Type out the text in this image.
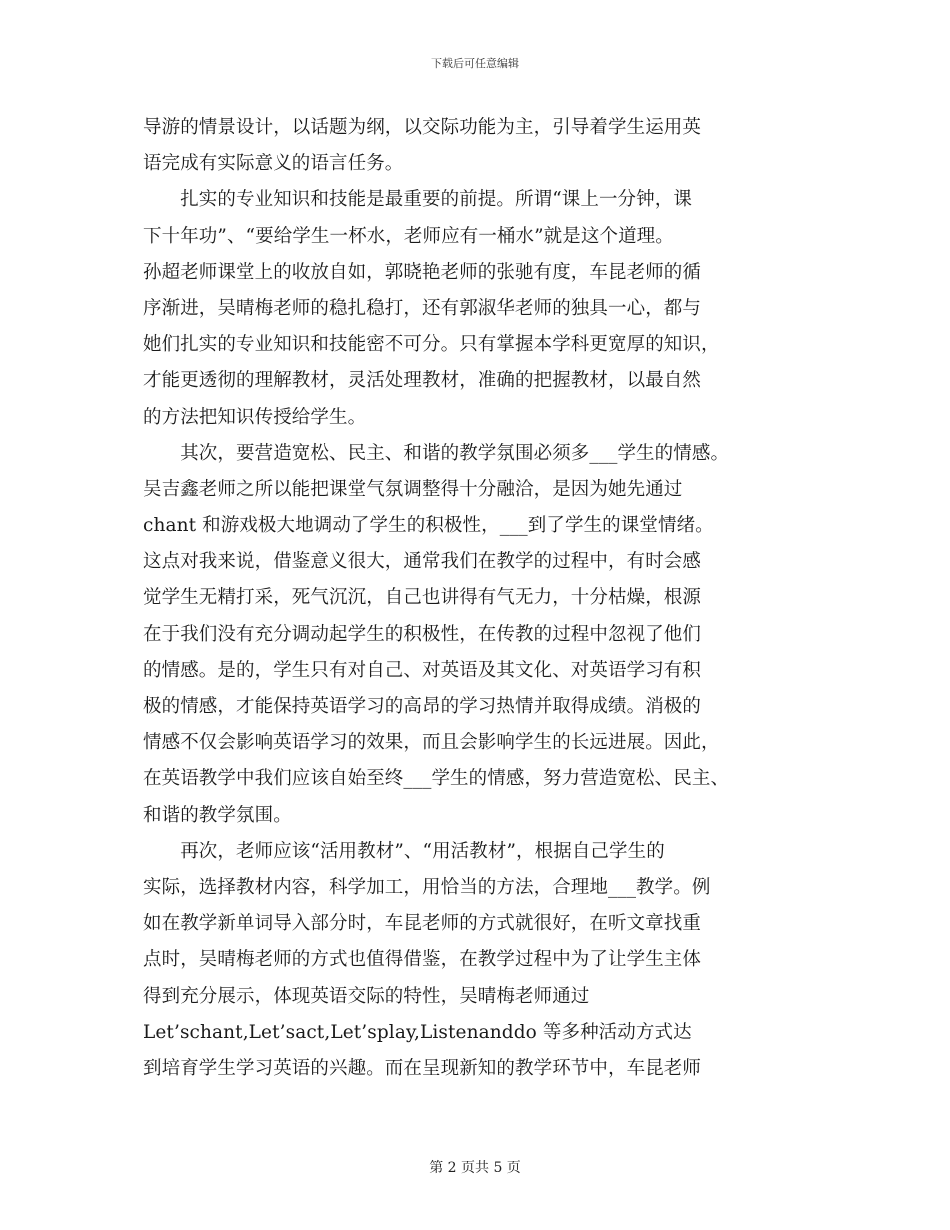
下载后可任意编辑
导游的情景设计，以话题为纲，以交际功能为主，引导着学生运用英
语完成有实际意义的语言任务。
　　扎实的专业知识和技能是最重要的前提。所谓“课上一分钟，课
下十年功”、“要给学生一杯水，老师应有一桶水”就是这个道理。
孙超老师课堂上的收放自如，郭晓艳老师的张驰有度，车昆老师的循
序渐进，吴晴梅老师的稳扎稳打，还有郭淑华老师的独具一心，都与
她们扎实的专业知识和技能密不可分。只有掌握本学科更宽厚的知识，
才能更透彻的理解教材，灵活处理教材，准确的把握教材，以最自然
的方法把知识传授给学生。
　　其次，要营造宽松、民主、和谐的教学氛围必须多___学生的情感。
吴吉鑫老师之所以能把课堂气氛调整得十分融洽，是因为她先通过
chant 和游戏极大地调动了学生的积极性，___到了学生的课堂情绪。
这点对我来说，借鉴意义很大，通常我们在教学的过程中，有时会感
觉学生无精打采，死气沉沉，自己也讲得有气无力，十分枯燥，根源
在于我们没有充分调动起学生的积极性，在传教的过程中忽视了他们
的情感。是的，学生只有对自己、对英语及其文化、对英语学习有积
极的情感，才能保持英语学习的高昂的学习热情并取得成绩。消极的
情感不仅会影响英语学习的效果，而且会影响学生的长远进展。因此，
在英语教学中我们应该自始至终___学生的情感，努力营造宽松、民主、
和谐的教学氛围。
　　再次，老师应该“活用教材”、“用活教材”，根据自己学生的
实际，选择教材内容，科学加工，用恰当的方法，合理地___教学。例
如在教学新单词导入部分时，车昆老师的方式就很好，在听文章找重
点时，吴晴梅老师的方式也值得借鉴，在教学过程中为了让学生主体
得到充分展示，体现英语交际的特性，吴晴梅老师通过
Let’schant,Let’sact,Let’splay,Listenanddo 等多种活动方式达
到培育学生学习英语的兴趣。而在呈现新知的教学环节中，车昆老师
第 2 页共 5 页
